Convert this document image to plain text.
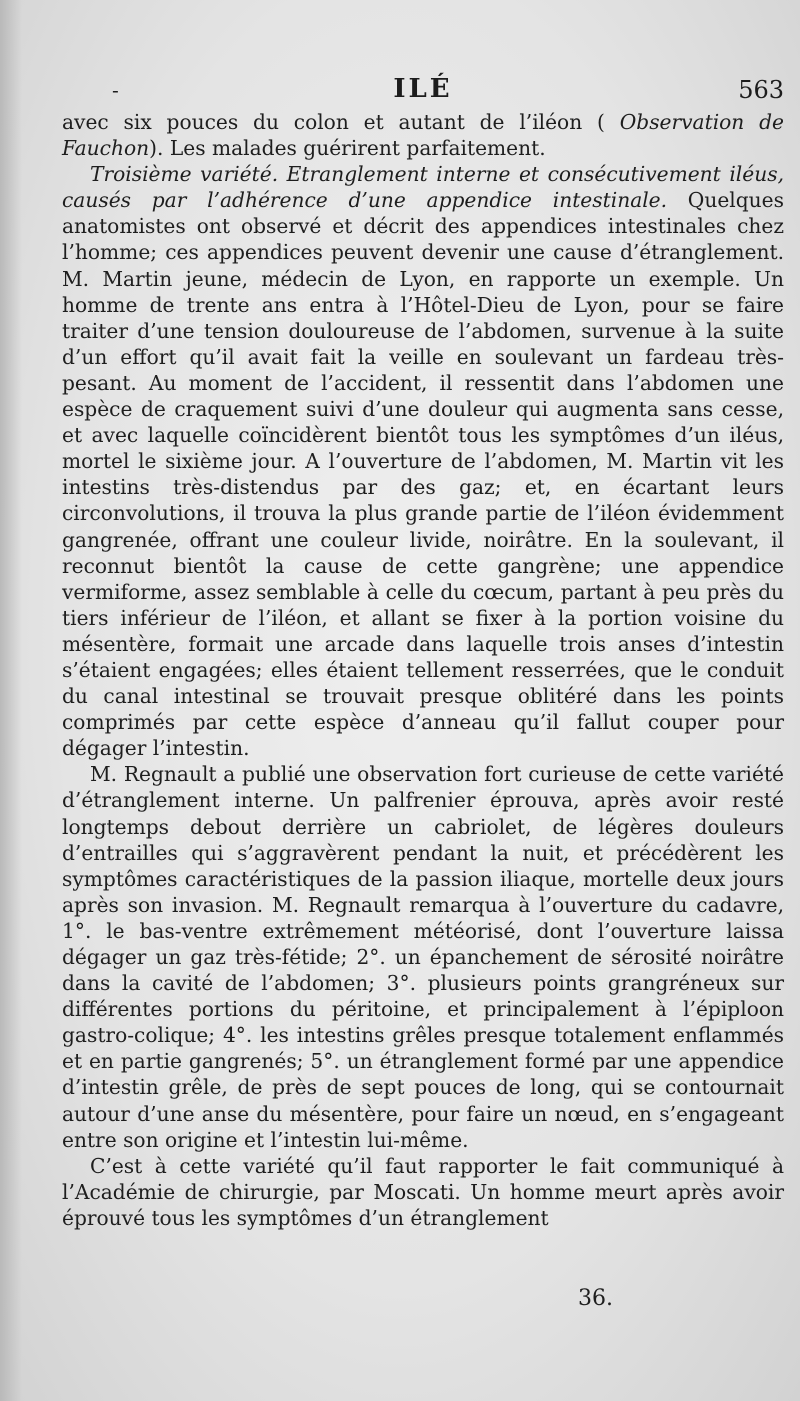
-	ILÉ	563

avec six pouces du colon et autant de l’iléon ( Observation de Fauchon). Les malades guérirent parfaitement.

Troisième variété. Etranglement interne et consécutivement iléus, causés par l’adhérence d’une appendice intestinale. Quelques anatomistes ont observé et décrit des appendices intestinales chez l’homme; ces appendices peuvent devenir une cause d’étranglement. M. Martin jeune, médecin de Lyon, en rapporte un exemple. Un homme de trente ans entra à l’Hôtel-Dieu de Lyon, pour se faire traiter d’une tension douloureuse de l’abdomen, survenue à la suite d’un effort qu’il avait fait la veille en soulevant un fardeau très-pesant. Au moment de l’accident, il ressentit dans l’abdomen une espèce de craquement suivi d’une douleur qui augmenta sans cesse, et avec laquelle coïncidèrent bientôt tous les symptômes d’un iléus, mortel le sixième jour. A l’ouverture de l’abdomen, M. Martin vit les intestins très-distendus par des gaz; et, en écartant leurs circonvolutions, il trouva la plus grande partie de l’iléon évidemment gangrenée, offrant une couleur livide, noirâtre. En la soulevant, il reconnut bientôt la cause de cette gangrène; une appendice vermiforme, assez semblable à celle du cœcum, partant à peu près du tiers inférieur de l’iléon, et allant se fixer à la portion voisine du mésentère, formait une arcade dans laquelle trois anses d’intestin s’étaient engagées; elles étaient tellement resserrées, que le conduit du canal intestinal se trouvait presque oblitéré dans les points comprimés par cette espèce d’anneau qu’il fallut couper pour dégager l’intestin.

M. Regnault a publié une observation fort curieuse de cette variété d’étranglement interne. Un palfrenier éprouva, après avoir resté longtemps debout derrière un cabriolet, de légères douleurs d’entrailles qui s’aggravèrent pendant la nuit, et précédèrent les symptômes caractéristiques de la passion iliaque, mortelle deux jours après son invasion. M. Regnault remarqua à l’ouverture du cadavre, 1°. le bas-ventre extrêmement météorisé, dont l’ouverture laissa dégager un gaz très-fétide; 2°. un épanchement de sérosité noirâtre dans la cavité de l’abdomen; 3°. plusieurs points grangréneux sur différentes portions du péritoine, et principalement à l’épiploon gastro-colique; 4°. les intestins grêles presque totalement enflammés et en partie gangrenés; 5°. un étranglement formé par une appendice d’intestin grêle, de près de sept pouces de long, qui se contournait autour d’une anse du mésentère, pour faire un nœud, en s’engageant entre son origine et l’intestin lui-même.

C’est à cette variété qu’il faut rapporter le fait communiqué à l’Académie de chirurgie, par Moscati. Un homme meurt après avoir éprouvé tous les symptômes d’un étranglement

36.
